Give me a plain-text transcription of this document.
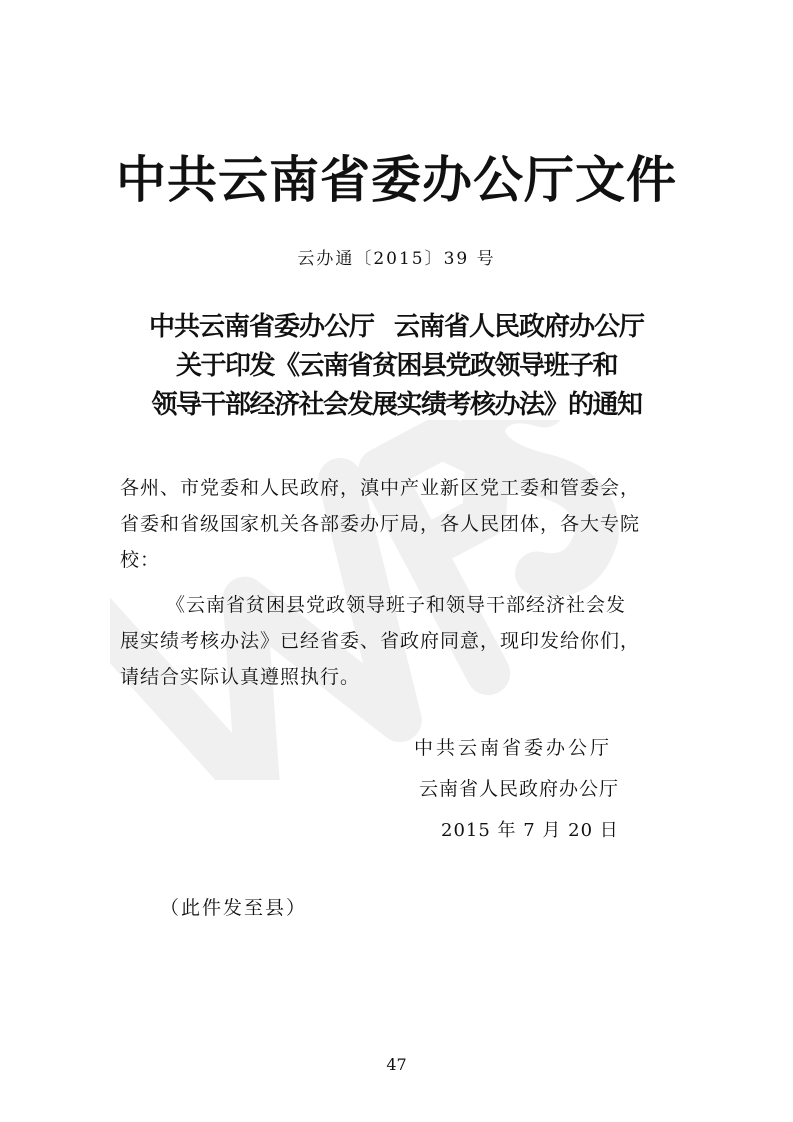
中共云南省委办公厅文件
云办通〔2015〕39 号
中共云南省委办公厅 云南省人民政府办公厅
关于印发《云南省贫困县党政领导班子和
领导干部经济社会发展实绩考核办法》的通知
各州、市党委和人民政府，滇中产业新区党工委和管委会，
省委和省级国家机关各部委办厅局，各人民团体，各大专院
校：
《云南省贫困县党政领导班子和领导干部经济社会发
展实绩考核办法》已经省委、省政府同意，现印发给你们，
请结合实际认真遵照执行。
中共云南省委办公厅
云南省人民政府办公厅
2015 年 7 月 20 日
（此件发至县）
47
